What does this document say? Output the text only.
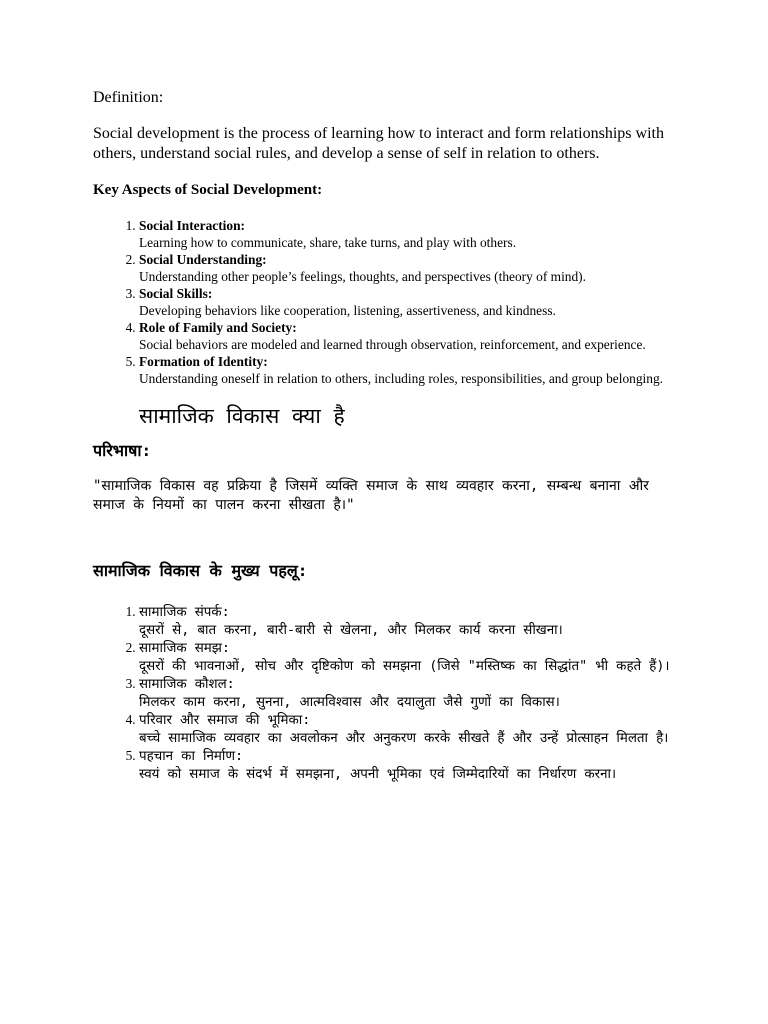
Definition:

Social development is the process of learning how to interact and form relationships with others, understand social rules, and develop a sense of self in relation to others.

Key Aspects of Social Development:

1. Social Interaction:
Learning how to communicate, share, take turns, and play with others.
2. Social Understanding:
Understanding other people’s feelings, thoughts, and perspectives (theory of mind).
3. Social Skills:
Developing behaviors like cooperation, listening, assertiveness, and kindness.
4. Role of Family and Society:
Social behaviors are modeled and learned through observation, reinforcement, and experience.
5. Formation of Identity:
Understanding oneself in relation to others, including roles, responsibilities, and group belonging.

सामाजिक विकास क्या है

परिभाषा:

"सामाजिक विकास वह प्रक्रिया है जिसमें व्यक्ति समाज के साथ व्यवहार करना, सम्बन्ध बनाना और समाज के नियमों का पालन करना सीखता है।"

सामाजिक विकास के मुख्य पहलू:

1. सामाजिक संपर्क:
दूसरों से, बात करना, बारी-बारी से खेलना, और मिलकर कार्य करना सीखना।
2. सामाजिक समझ:
दूसरों की भावनाओं, सोच और दृष्टिकोण को समझना (जिसे "मस्तिष्क का सिद्धांत" भी कहते हैं)।
3. सामाजिक कौशल:
मिलकर काम करना, सुनना, आत्मविश्वास और दयालुता जैसे गुणों का विकास।
4. परिवार और समाज की भूमिका:
बच्चे सामाजिक व्यवहार का अवलोकन और अनुकरण करके सीखते हैं और उन्हें प्रोत्साहन मिलता है।
5. पहचान का निर्माण:
स्वयं को समाज के संदर्भ में समझना, अपनी भूमिका एवं जिम्मेदारियों का निर्धारण करना।
